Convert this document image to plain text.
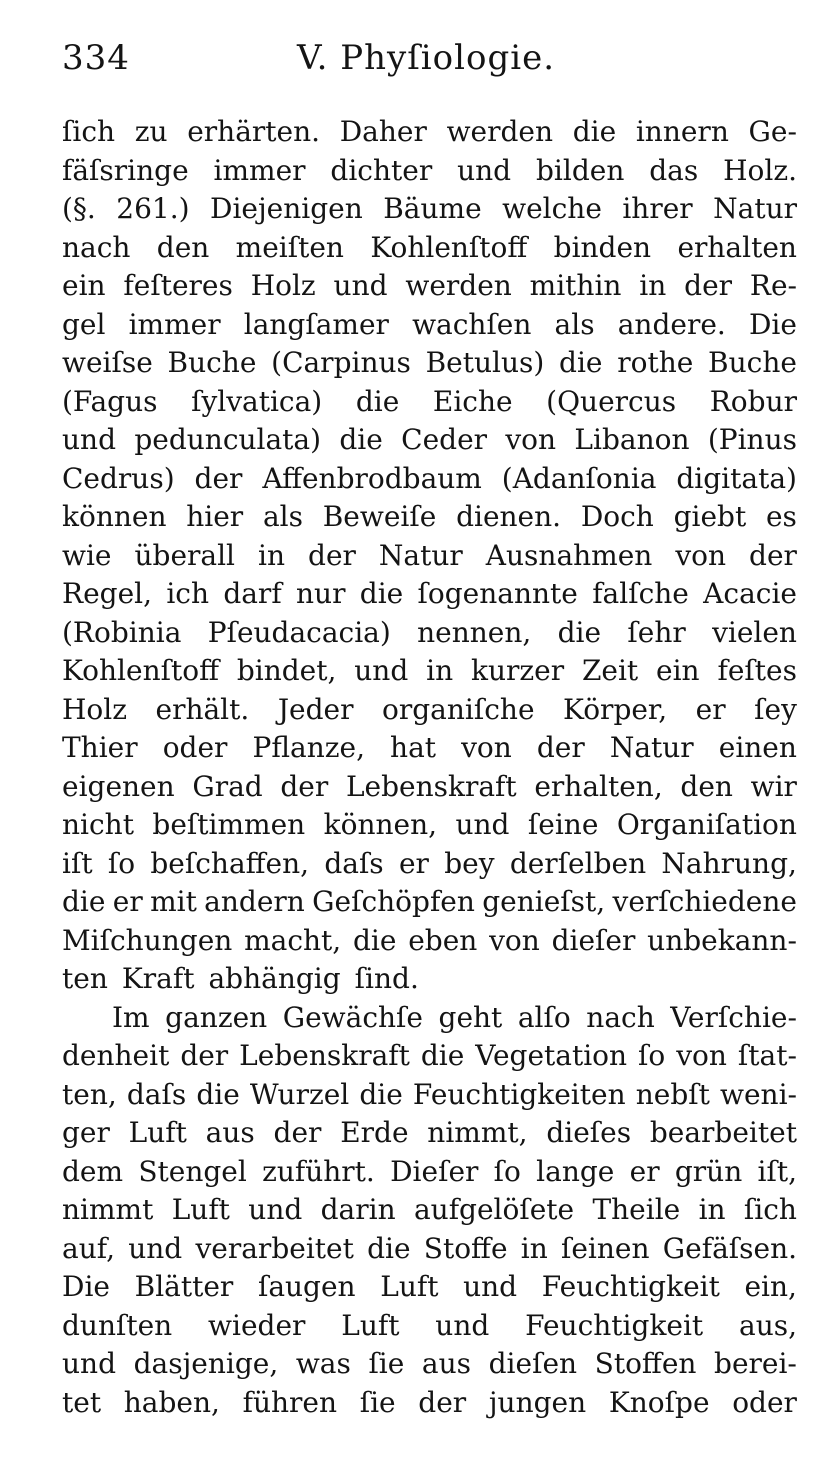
334	V. Phyſiologie.
ſich zu erhärten. Daher werden die innern Ge-
fäſsringe immer dichter und bilden das Holz.
(§. 261.) Diejenigen Bäume welche ihrer Natur
nach den meiſten Kohlenſtoff binden erhalten
ein feſteres Holz und werden mithin in der Re-
gel immer langſamer wachſen als andere. Die
weiſse Buche (Carpinus Betulus) die rothe Buche
(Fagus ſylvatica) die Eiche (Quercus Robur
und pedunculata) die Ceder von Libanon (Pinus
Cedrus) der Affenbrodbaum (Adanſonia digitata)
können hier als Beweiſe dienen. Doch giebt es
wie überall in der Natur Ausnahmen von der
Regel, ich darf nur die ſogenannte falſche Acacie
(Robinia Pſeudacacia) nennen, die ſehr vielen
Kohlenſtoff bindet, und in kurzer Zeit ein feſtes
Holz erhält. Jeder organiſche Körper, er ſey
Thier oder Pflanze, hat von der Natur einen
eigenen Grad der Lebenskraft erhalten, den wir
nicht beſtimmen können, und ſeine Organiſation
iſt ſo beſchaffen, daſs er bey derſelben Nahrung,
die er mit andern Geſchöpfen genieſst, verſchiedene
Miſchungen macht, die eben von dieſer unbekann-
ten Kraft abhängig ſind.
Im ganzen Gewächſe geht alſo nach Verſchie-
denheit der Lebenskraft die Vegetation ſo von ſtat-
ten, daſs die Wurzel die Feuchtigkeiten nebſt weni-
ger Luft aus der Erde nimmt, dieſes bearbeitet
dem Stengel zuführt. Dieſer ſo lange er grün iſt,
nimmt Luft und darin aufgelöſete Theile in ſich
auf, und verarbeitet die Stoffe in ſeinen Gefäſsen.
Die Blätter ſaugen Luft und Feuchtigkeit ein,
dunſten wieder Luft und Feuchtigkeit aus,
und dasjenige, was ſie aus dieſen Stoffen berei-
tet haben, führen ſie der jungen Knoſpe oder
